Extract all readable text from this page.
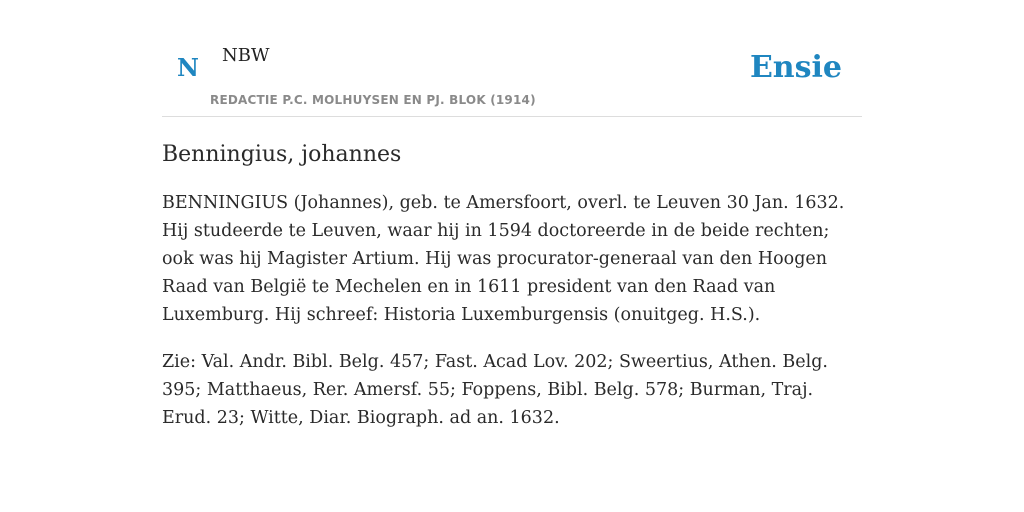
N NBW
REDACTIE P.C. MOLHUYSEN EN PJ. BLOK (1914)
Ensie
Benningius, johannes

BENNINGIUS (Johannes), geb. te Amersfoort, overl. te Leuven 30 Jan. 1632. Hij studeerde te Leuven, waar hij in 1594 doctoreerde in de beide rechten; ook was hij Magister Artium. Hij was procurator-generaal van den Hoogen Raad van België te Mechelen en in 1611 president van den Raad van Luxemburg. Hij schreef: Historia Luxemburgensis (onuitgeg. H.S.).

Zie: Val. Andr. Bibl. Belg. 457; Fast. Acad Lov. 202; Sweertius, Athen. Belg. 395; Matthaeus, Rer. Amersf. 55; Foppens, Bibl. Belg. 578; Burman, Traj. Erud. 23; Witte, Diar. Biograph. ad an. 1632.
